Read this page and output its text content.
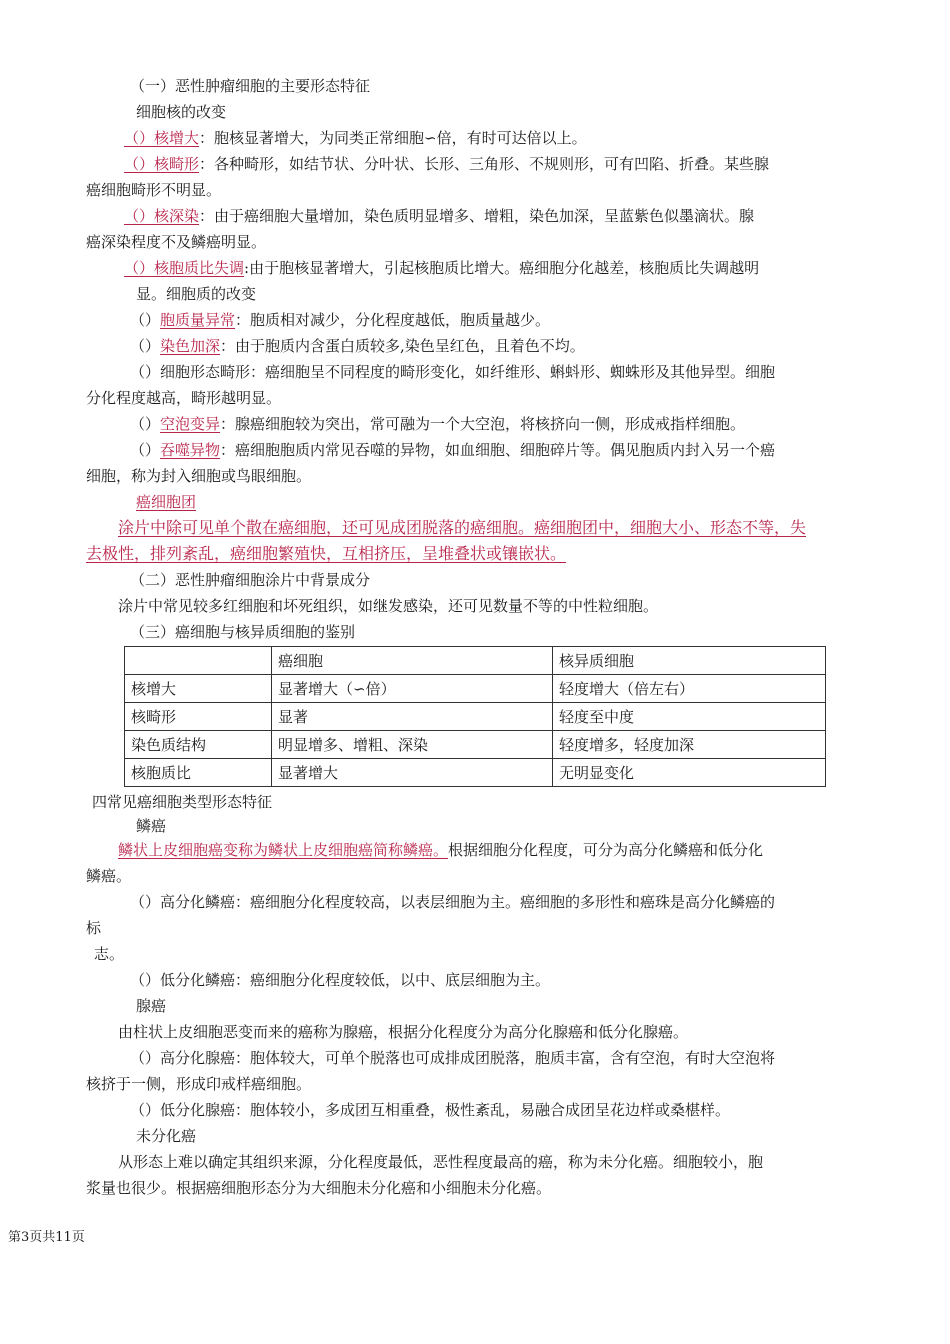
（一）恶性肿瘤细胞的主要形态特征
细胞核的改变
（）核增大：胞核显著增大，为同类正常细胞∽倍，有时可达倍以上。
（）核畸形：各种畸形，如结节状、分叶状、长形、三角形、不规则形，可有凹陷、折叠。某些腺
癌细胞畸形不明显。
（）核深染：由于癌细胞大量增加，染色质明显增多、增粗，染色加深，呈蓝紫色似墨滴状。腺
癌深染程度不及鳞癌明显。
（）核胞质比失调:由于胞核显著增大，引起核胞质比增大。癌细胞分化越差，核胞质比失调越明
显。细胞质的改变
（）胞质量异常：胞质相对减少，分化程度越低，胞质量越少。
（）染色加深：由于胞质内含蛋白质较多,染色呈红色，且着色不均。
（）细胞形态畸形：癌细胞呈不同程度的畸形变化，如纤维形、蝌蚪形、蜘蛛形及其他异型。细胞
分化程度越高，畸形越明显。
（）空泡变异：腺癌细胞较为突出，常可融为一个大空泡，将核挤向一侧，形成戒指样细胞。
（）吞噬异物：癌细胞胞质内常见吞噬的异物，如血细胞、细胞碎片等。偶见胞质内封入另一个癌
细胞，称为封入细胞或鸟眼细胞。
癌细胞团
涂片中除可见单个散在癌细胞，还可见成团脱落的癌细胞。癌细胞团中，细胞大小、形态不等，失
去极性，排列紊乱，癌细胞繁殖快，互相挤压，呈堆叠状或镶嵌状。
（二）恶性肿瘤细胞涂片中背景成分
涂片中常见较多红细胞和坏死组织，如继发感染，还可见数量不等的中性粒细胞。
（三）癌细胞与核异质细胞的鉴别
	癌细胞	核异质细胞
核增大	显著增大（∽倍）	轻度增大（倍左右）
核畸形	显著	轻度至中度
染色质结构	明显增多、增粗、深染	轻度增多，轻度加深
核胞质比	显著增大	无明显变化
四常见癌细胞类型形态特征
鳞癌
鳞状上皮细胞癌变称为鳞状上皮细胞癌简称鳞癌。根据细胞分化程度，可分为高分化鳞癌和低分化
鳞癌。
（）高分化鳞癌：癌细胞分化程度较高，以表层细胞为主。癌细胞的多形性和癌珠是高分化鳞癌的
标
志。
（）低分化鳞癌：癌细胞分化程度较低，以中、底层细胞为主。
腺癌
由柱状上皮细胞恶变而来的癌称为腺癌，根据分化程度分为高分化腺癌和低分化腺癌。
（）高分化腺癌：胞体较大，可单个脱落也可成排成团脱落，胞质丰富，含有空泡，有时大空泡将
核挤于一侧，形成印戒样癌细胞。
（）低分化腺癌：胞体较小，多成团互相重叠，极性紊乱，易融合成团呈花边样或桑椹样。
未分化癌
从形态上难以确定其组织来源，分化程度最低，恶性程度最高的癌，称为未分化癌。细胞较小，胞
浆量也很少。根据癌细胞形态分为大细胞未分化癌和小细胞未分化癌。
第3页共11页
